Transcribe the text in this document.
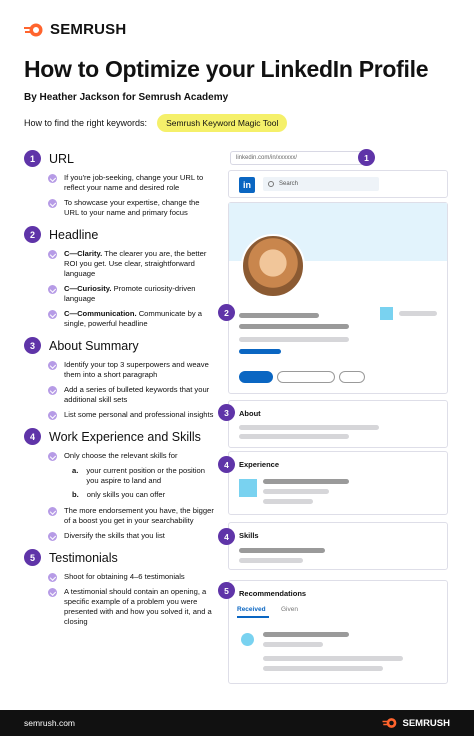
SEMRUSH
How to Optimize your LinkedIn Profile
By Heather Jackson for Semrush Academy
How to find the right keywords:	Semrush Keyword Magic Tool
1	URL
If you're job-seeking, change your URL to reflect your name and desired role
To showcase your expertise, change the URL to your name and primary focus
2	Headline
C—Clarity. The clearer you are, the better ROI you get. Use clear, straightforward language
C—Curiosity. Promote curiosity-driven language
C—Communication. Communicate by a single, powerful headline
3	About Summary
Identify your top 3 superpowers and weave them into a short paragraph
Add a series of bulleted keywords that your additional skill sets
List some personal and professional insights
4	Work Experience and Skills
Only choose the relevant skills for
a. your current position or the position you aspire to land and
b. only skills you can offer
The more endorsement you have, the bigger of a boost you get in your searchability
Diversify the skills that you list
5	Testimonials
Shoot for obtaining 4–6 testimonials
A testimonial should contain an opening, a specific example of a problem you were presented with and how you solved it, and a closing
linkedin.com/in/xxxxxx/	1
in	Search
2
About
3
Experience
4
Skills
4
Recommendations
Received Given
5
semrush.com	SEMRUSH
